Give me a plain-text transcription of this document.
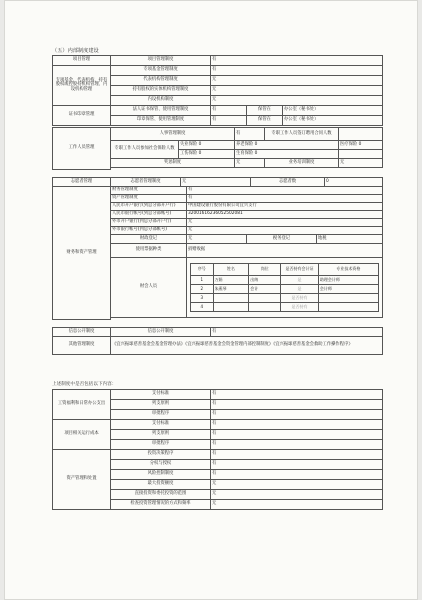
（五）内部制度建设
项目管理	项目管理制度	有		
专项基金、代表机构、持有股权或控股持机构管理、内设机构管理	专项基金管理制度	有		
	代表机构管理制度	无		
	持有股权的实体机构管理制度	无		
	内设机构制度	无		
证书印章管理	法人证书保管、使用管理制度	有	保管在	办公室（秘书处）
	印章保管、使用管理制度	有	保管在	办公室（秘书处）
工作人员管理	人事管理制度		有	专职工作人员签订聘用合同人数	
	专职工作人员参加社会保险人数	失业保险 0	养老保险 0		医疗保险 0
		工伤保险 0	生育保险 0		
	奖惩制度		无	业务培训制度	无

志愿者管理	志愿者管理制度	无	志愿者数	0
财务和资产管理	财务管理制度	有
资产管理制度	有
人民币开户银行(到总分部开户行)	中国建设银行股份有限公司宜兴支行
人民币银行帐号(到总分部帐号)	32001616236052502081
外币开户银行(到总分部开户行)	无
外币银行帐号(到总分部帐号)	无
财政登记	无	税务登记	地税
使用票据种类	捐赠收据
财会人员	
序号	姓名	岗位	是否持有会计证	专业技术资格
1	万娟	出纳	是	助理会计师
2	朱燕琴	会计	是	会计师
3			是否持有	
4			是否持有	

信息公开制度	信息公开制度	有
其他管理制度	《宜兴振球慈善基金会基金管理办法》《宜兴振球慈善基金会资金管理内部控制制度》《宜兴振球慈善基金会救助工作操作程序》
上述制度中是否包括以下内容：
工资福利和日常办公支出	支付标准	有
	列支原则	有
	审批程序	有
项目相关运行成本	支付标准	有
	列支原则	有
	审批程序	有
资产管理和处置	投资决策程序	有
	分权与授权	有
	风险控制制度	有
	最大投资额度	无
	直接投资和委托投资的范围	无
	检查投资管理情况的方式和频率	无
